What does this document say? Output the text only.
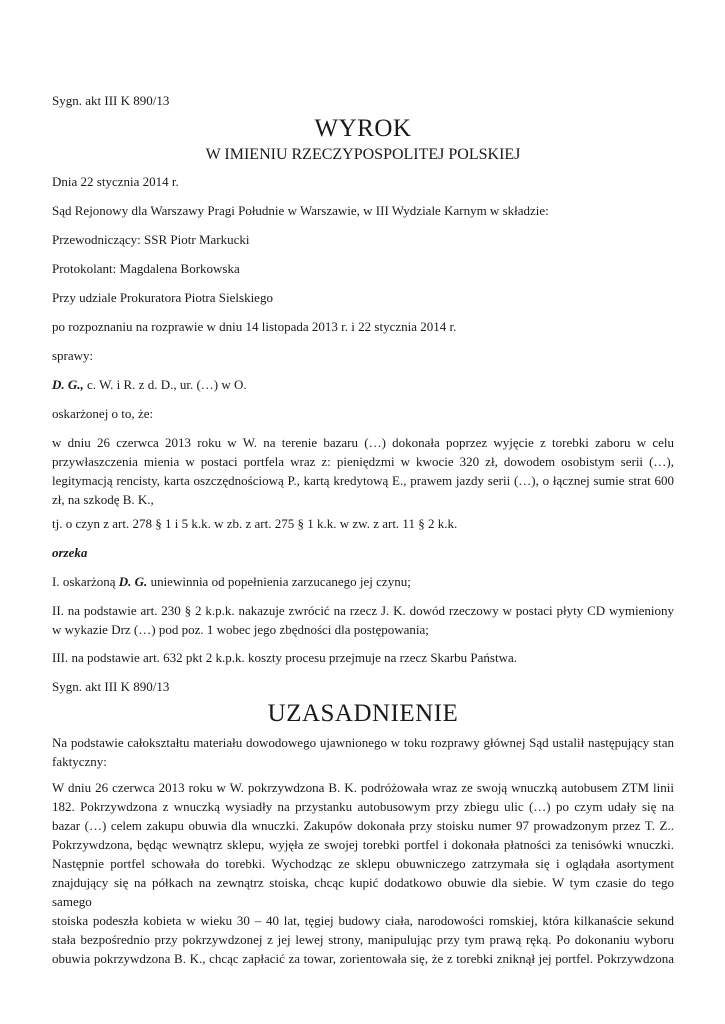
Sygn. akt III K 890/13

WYROK
W IMIENIU RZECZYPOSPOLITEJ POLSKIEJ

Dnia 22 stycznia 2014 r.

Sąd Rejonowy dla Warszawy Pragi Południe w Warszawie, w III Wydziale Karnym w składzie:

Przewodniczący: SSR Piotr Markucki

Protokolant: Magdalena Borkowska

Przy udziale Prokuratora Piotra Sielskiego

po rozpoznaniu na rozprawie w dniu 14 listopada 2013 r. i 22 stycznia 2014 r.

sprawy:

D. G., c. W. i R. z d. D., ur. (…) w O.

oskarżonej o to, że:

w dniu 26 czerwca 2013 roku w W. na terenie bazaru (…) dokonała poprzez wyjęcie z torebki zaboru w celu
przywłaszczenia mienia w postaci portfela wraz z: pieniędzmi w kwocie 320 zł, dowodem osobistym serii (…),
legitymacją rencisty, karta oszczędnościową P., kartą kredytową E., prawem jazdy serii (…), o łącznej sumie strat 600
zł, na szkodę B. K.,

tj. o czyn z art. 278 § 1 i 5 k.k. w zb. z art. 275 § 1 k.k. w zw. z art. 11 § 2 k.k.

orzeka

I. oskarżoną D. G. uniewinnia od popełnienia zarzucanego jej czynu;

II. na podstawie art. 230 § 2 k.p.k. nakazuje zwrócić na rzecz J. K. dowód rzeczowy w postaci płyty CD wymieniony
w wykazie Drz (…) pod poz. 1 wobec jego zbędności dla postępowania;

III. na podstawie art. 632 pkt 2 k.p.k. koszty procesu przejmuje na rzecz Skarbu Państwa.

Sygn. akt III K 890/13

UZASADNIENIE
Na podstawie całokształtu materiału dowodowego ujawnionego w toku rozprawy głównej Sąd ustalił następujący stan
faktyczny:
W dniu 26 czerwca 2013 roku w W. pokrzywdzona B. K. podróżowała wraz ze swoją wnuczką autobusem ZTM linii
182. Pokrzywdzona z wnuczką wysiadły na przystanku autobusowym przy zbiegu ulic (…) po czym udały się na
bazar (…) celem zakupu obuwia dla wnuczki. Zakupów dokonała przy stoisku numer 97 prowadzonym przez T. Z..
Pokrzywdzona, będąc wewnątrz sklepu, wyjęła ze swojej torebki portfel i dokonała płatności za tenisówki wnuczki.
Następnie portfel schowała do torebki. Wychodząc ze sklepu obuwniczego zatrzymała się i oglądała asortyment
znajdujący się na półkach na zewnątrz stoiska, chcąc kupić dodatkowo obuwie dla siebie. W tym czasie do tego samego
stoiska podeszła kobieta w wieku 30 – 40 lat, tęgiej budowy ciała, narodowości romskiej, która kilkanaście sekund
stała bezpośrednio przy pokrzywdzonej z jej lewej strony, manipulując przy tym prawą ręką. Po dokonaniu wyboru
obuwia pokrzywdzona B. K., chcąc zapłacić za towar, zorientowała się, że z torebki zniknął jej portfel. Pokrzywdzona
